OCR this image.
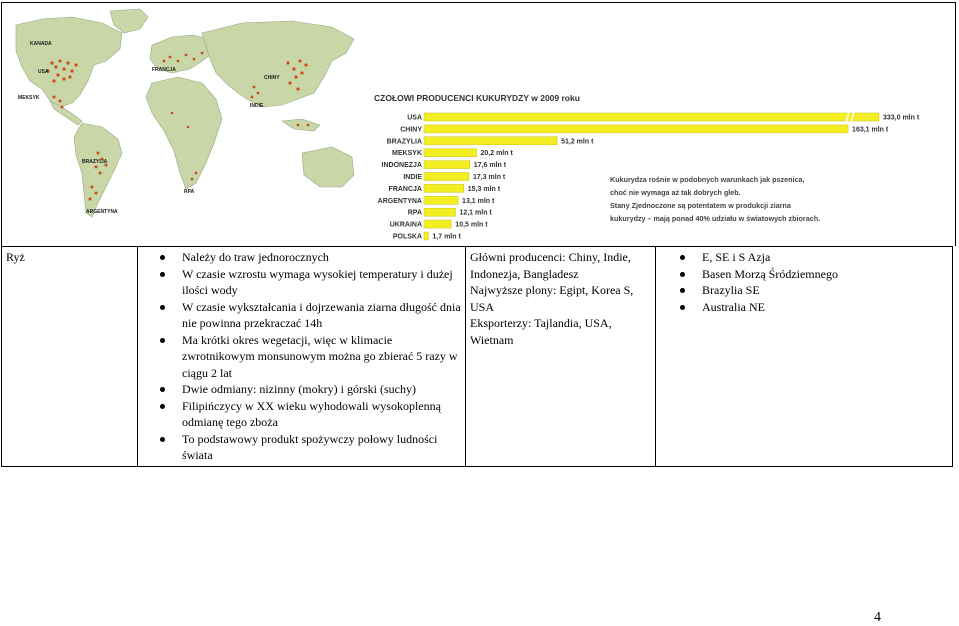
KANADA
USA
MEKSYK
BRAZYLIA
ARGENTYNA
FRANCJA
CHINY
INDIE
RPA
USA	333,0 mln t
CHINY	163,1 mln t
BRAZYLIA	51,2 mln t
MEKSYK	20,2 mln t
INDONEZJA	17,6 mln t
INDIE	17,3 mln t
FRANCJA	15,3 mln t
ARGENTYNA	13,1 mln t
RPA	12,1 mln t
UKRAINA	10,5 mln t
POLSKA 1,7 mln t
CZOŁOWI PRODUCENCI KUKURYDZY w 2009 roku
Kukurydza rośnie w podobnych warunkach jak pszenica,
choć nie wymaga aż tak dobrych gleb.
Stany Zjednoczone są potentatem w produkcji ziarna
kukurydzy – mają ponad 40% udziału w światowych zbiorach.
Ryż	Należy do traw jednorocznych
W czasie wzrostu wymaga wysokiej temperatury i dużej ilości wody
W czasie wykształcania i dojrzewania ziarna długość dnia nie powinna przekraczać 14h
Ma krótki okres wegetacji, więc w klimacie zwrotnikowym monsunowym można go zbierać 5 razy w ciągu 2 lat
Dwie odmiany: nizinny (mokry) i górski (suchy)
Filipińczycy w XX wieku wyhodowali wysokoplenną odmianę tego zboża
To podstawowy produkt spożywczy połowy ludności świata

Główni producenci: Chiny, Indie, Indonezja, Bangladesz
Najwyższe plony: Egipt, Korea S, USA
Eksporterzy: Tajlandia, USA, Wietnam

E, SE i S Azja
Basen Morzą Śródziemnego
Brazylia SE
Australia NE
4
